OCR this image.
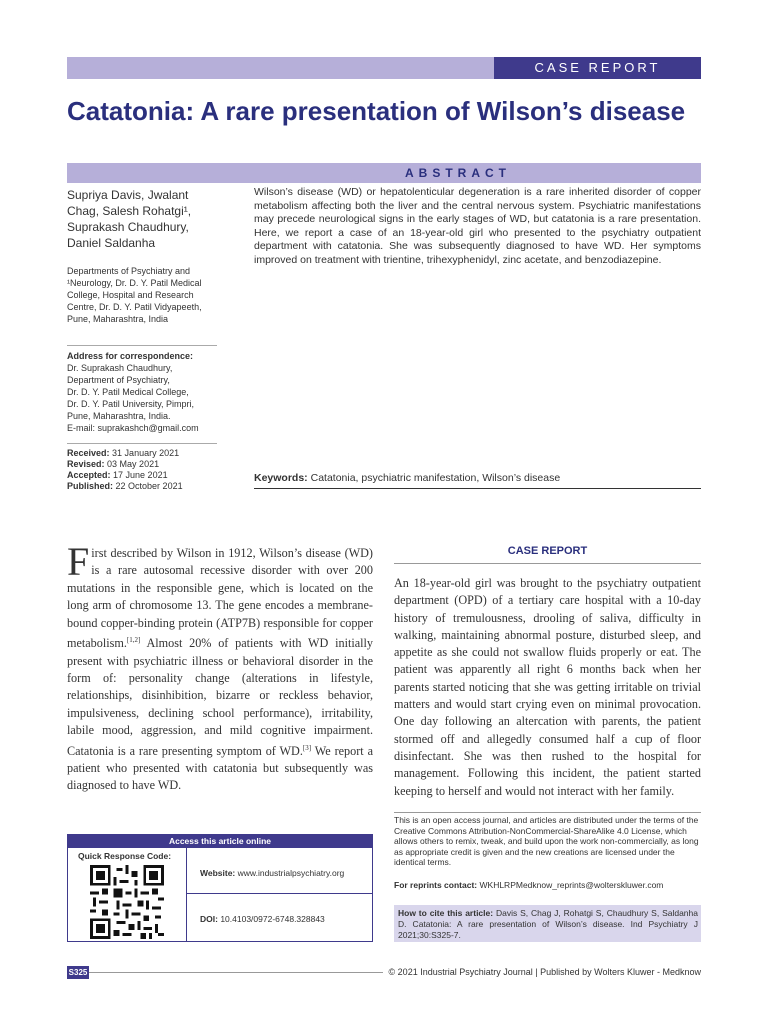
CASE REPORT
Catatonia: A rare presentation of Wilson’s disease
ABSTRACT
Supriya Davis, Jwalant Chag, Salesh Rohatgi¹, Suprakash Chaudhury, Daniel Saldanha
Departments of Psychiatry and ¹Neurology, Dr. D. Y. Patil Medical College, Hospital and Research Centre, Dr. D. Y. Patil Vidyapeeth, Pune, Maharashtra, India
Address for correspondence:
Dr. Suprakash Chaudhury,
Department of Psychiatry,
Dr. D. Y. Patil Medical College,
Dr. D. Y. Patil University, Pimpri,
Pune, Maharashtra, India.
E-mail: suprakashch@gmail.com
Received: 31 January 2021
Revised: 03 May 2021
Accepted: 17 June 2021
Published: 22 October 2021

Wilson’s disease (WD) or hepatolenticular degeneration is a rare inherited disorder of copper metabolism affecting both the liver and the central nervous system. Psychiatric manifestations may precede neurological signs in the early stages of WD, but catatonia is a rare presentation. Here, we report a case of an 18-year-old girl who presented to the psychiatry outpatient department with catatonia. She was subsequently diagnosed to have WD. Her symptoms improved on treatment with trientine, trihexyphenidyl, zinc acetate, and benzodiazepine.

Keywords: Catatonia, psychiatric manifestation, Wilson’s disease
First described by Wilson in 1912, Wilson’s disease (WD) is a rare autosomal recessive disorder with over 200 mutations in the responsible gene, which is located on the long arm of chromosome 13. The gene encodes a membrane-bound copper-binding protein (ATP7B) responsible for copper metabolism.[1,2] Almost 20% of patients with WD initially present with psychiatric illness or behavioral disorder in the form of: personality change (alterations in lifestyle, relationships, disinhibition, bizarre or reckless behavior, impulsiveness, declining school performance), irritability, labile mood, aggression, and mild cognitive impairment. Catatonia is a rare presenting symptom of WD.[3] We report a patient who presented with catatonia but subsequently was diagnosed to have WD.
CASE REPORT

An 18-year-old girl was brought to the psychiatry outpatient department (OPD) of a tertiary care hospital with a 10-day history of tremulousness, drooling of saliva, difficulty in walking, maintaining abnormal posture, disturbed sleep, and appetite as she could not swallow fluids properly or eat. The patient was apparently all right 6 months back when her parents started noticing that she was getting irritable on trivial matters and would start crying even on minimal provocation. One day following an altercation with parents, the patient stormed off and allegedly consumed half a cup of floor disinfectant. She was then rushed to the hospital for management. Following this incident, the patient started keeping to herself and would not interact with her family.

Access this article online
Quick Response Code:
Website: www.industrialpsychiatry.org
DOI: 10.4103/0972-6748.328843

This is an open access journal, and articles are distributed under the terms of the Creative Commons Attribution-NonCommercial-ShareAlike 4.0 License, which allows others to remix, tweak, and build upon the work non-commercially, as long as appropriate credit is given and the new creations are licensed under the identical terms.

For reprints contact: WKHLRPMedknow_reprints@wolterskluwer.com

How to cite this article: Davis S, Chag J, Rohatgi S, Chaudhury S, Saldanha D. Catatonia: A rare presentation of Wilson’s disease. Ind Psychiatry J 2021;30:S325-7.

S325	© 2021 Industrial Psychiatry Journal | Published by Wolters Kluwer - Medknow
